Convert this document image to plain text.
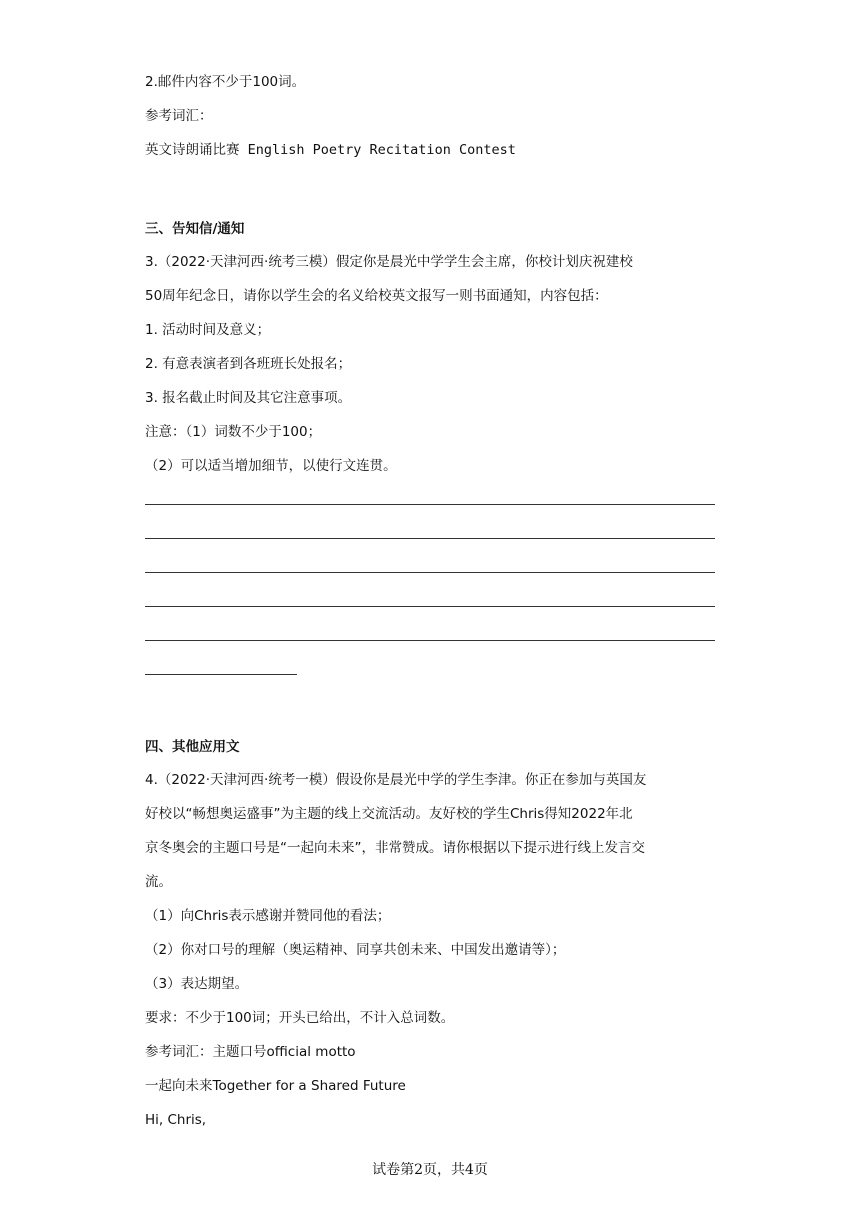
2.邮件内容不少于100词。
参考词汇：
英文诗朗诵比赛 English Poetry Recitation Contest
三、告知信/通知
3.（2022·天津河西·统考三模）假定你是晨光中学学生会主席，你校计划庆祝建校
50周年纪念日，请你以学生会的名义给校英文报写一则书面通知，内容包括：
1. 活动时间及意义；
2. 有意表演者到各班班长处报名；
3. 报名截止时间及其它注意事项。
注意：（1）词数不少于100；
（2）可以适当增加细节，以使行文连贯。
四、其他应用文
4.（2022·天津河西·统考一模）假设你是晨光中学的学生李津。你正在参加与英国友
好校以“畅想奥运盛事”为主题的线上交流活动。友好校的学生Chris得知2022年北
京冬奥会的主题口号是“一起向未来”，非常赞成。请你根据以下提示进行线上发言交
流。
（1）向Chris表示感谢并赞同他的看法；
（2）你对口号的理解（奥运精神、同享共创未来、中国发出邀请等）；
（3）表达期望。
要求：不少于100词；开头已给出，不计入总词数。
参考词汇：主题口号official motto
一起向未来Together for a Shared Future
Hi, Chris,
试卷第2页，共4页
